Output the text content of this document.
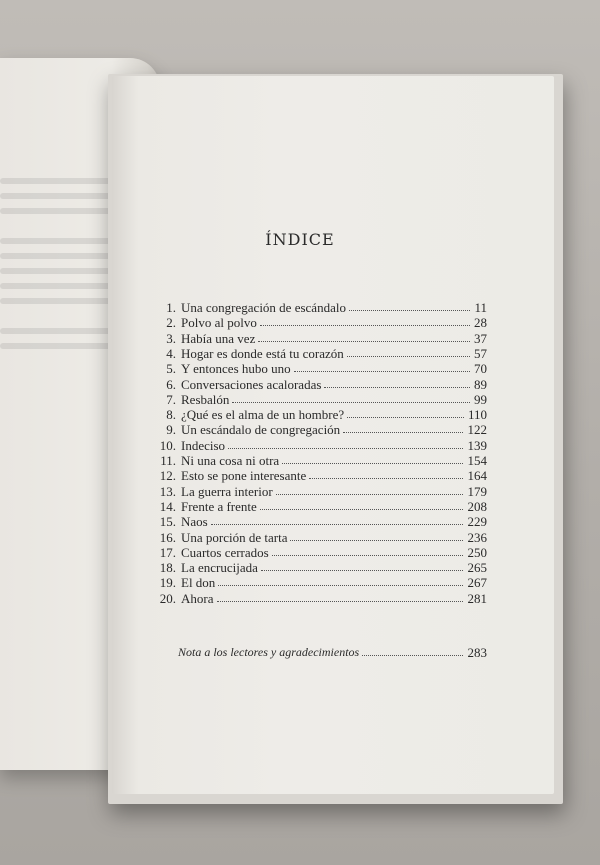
ÍNDICE
1. Una congregación de escándalo	11
2. Polvo al polvo	28
3. Había una vez	37
4. Hogar es donde está tu corazón	57
5. Y entonces hubo uno	70
6. Conversaciones acaloradas	89
7. Resbalón	99
8. ¿Qué es el alma de un hombre?	110
9. Un escándalo de congregación	122
10. Indeciso	139
11. Ni una cosa ni otra	154
12. Esto se pone interesante	164
13. La guerra interior	179
14. Frente a frente	208
15. Naos	229
16. Una porción de tarta	236
17. Cuartos cerrados	250
18. La encrucijada	265
19. El don	267
20. Ahora	281
Nota a los lectores y agradecimientos	283
